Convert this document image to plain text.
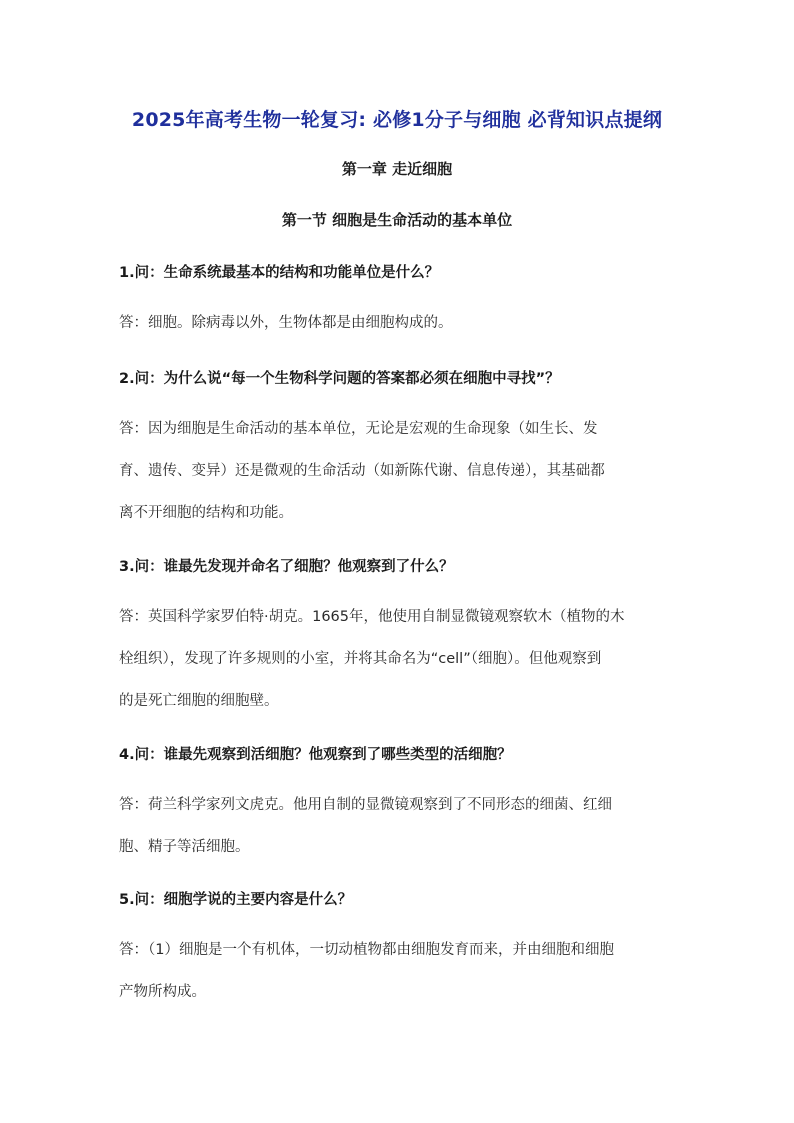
2025年高考生物一轮复习: 必修1分子与细胞 必背知识点提纲
第一章 走近细胞
第一节 细胞是生命活动的基本单位
1.问：生命系统最基本的结构和功能单位是什么？
答：细胞。除病毒以外，生物体都是由细胞构成的。
2.问：为什么说“每一个生物科学问题的答案都必须在细胞中寻找”？
答：因为细胞是生命活动的基本单位，无论是宏观的生命现象（如生长、发
育、遗传、变异）还是微观的生命活动（如新陈代谢、信息传递），其基础都
离不开细胞的结构和功能。
3.问：谁最先发现并命名了细胞？他观察到了什么？
答：英国科学家罗伯特·胡克。1665年，他使用自制显微镜观察软木（植物的木
栓组织），发现了许多规则的小室，并将其命名为“cell”（细胞）。但他观察到
的是死亡细胞的细胞壁。
4.问：谁最先观察到活细胞？他观察到了哪些类型的活细胞？
答：荷兰科学家列文虎克。他用自制的显微镜观察到了不同形态的细菌、红细
胞、精子等活细胞。
5.问：细胞学说的主要内容是什么？
答：（1）细胞是一个有机体，一切动植物都由细胞发育而来，并由细胞和细胞
产物所构成。
